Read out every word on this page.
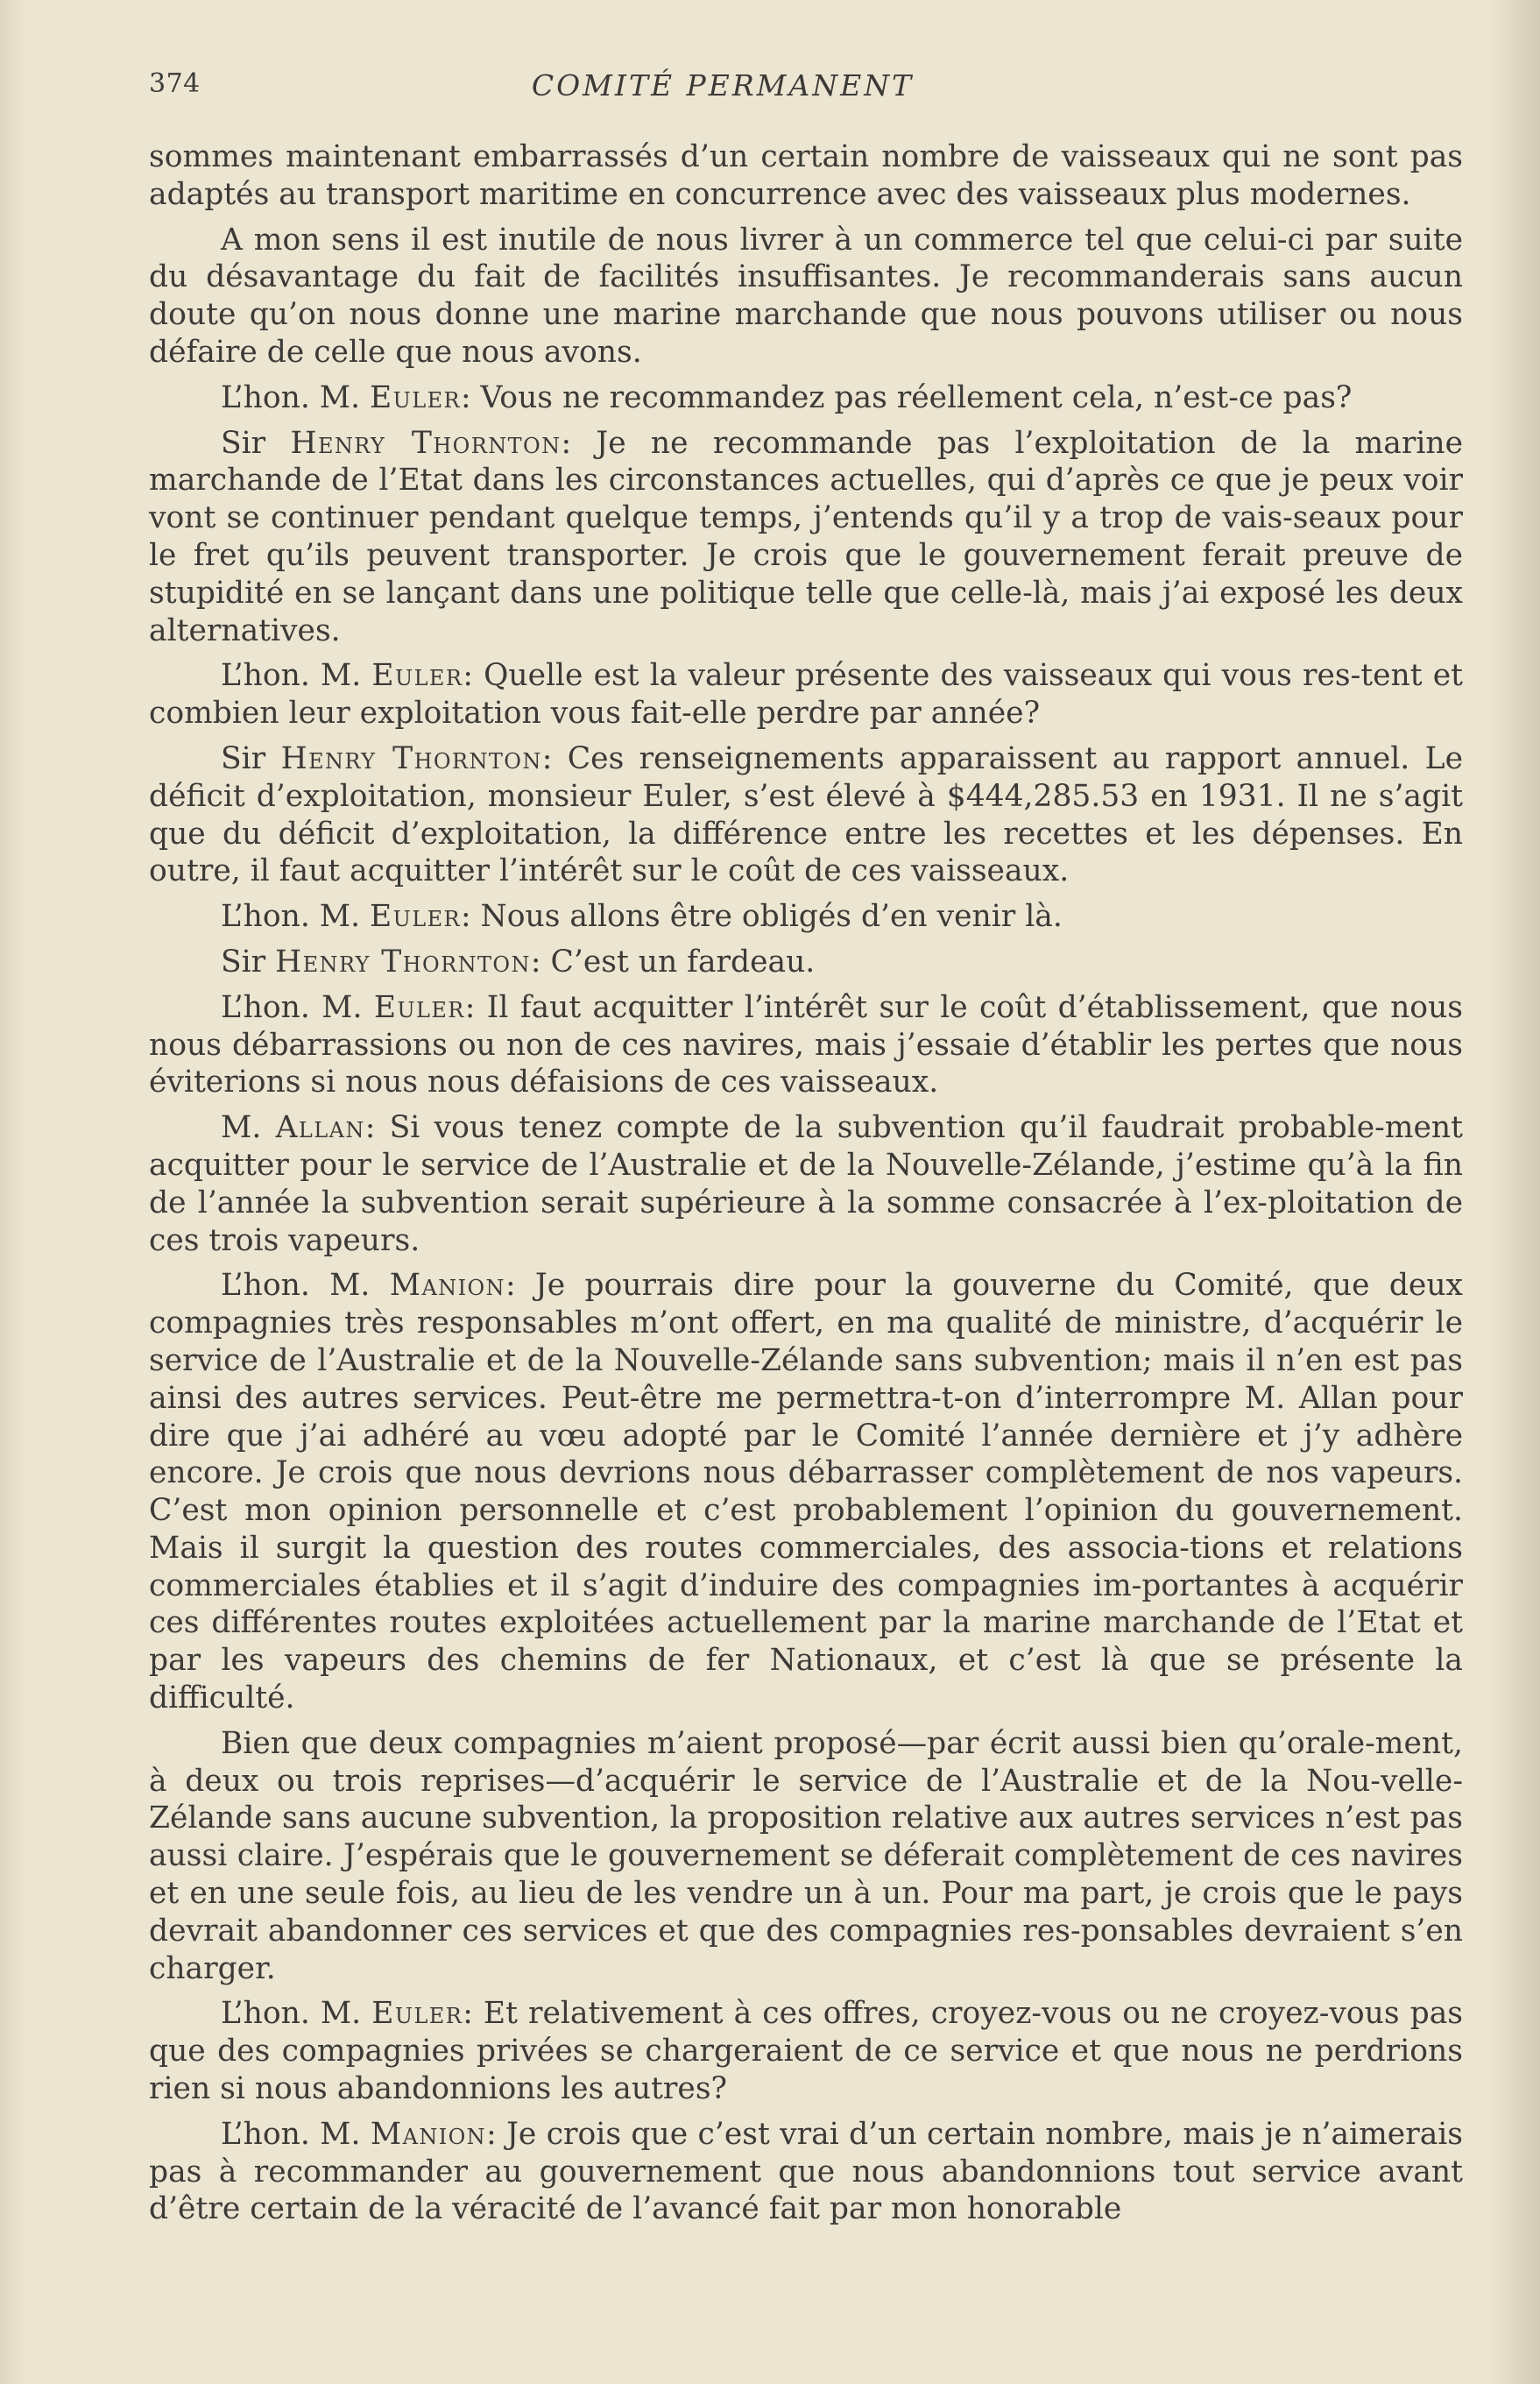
374	COMITÉ PERMANENT

sommes maintenant embarrassés d’un certain nombre de vaisseaux qui ne sont pas adaptés au transport maritime en concurrence avec des vaisseaux plus modernes.

A mon sens il est inutile de nous livrer à un commerce tel que celui-ci par suite du désavantage du fait de facilités insuffisantes. Je recommanderais sans aucun doute qu’on nous donne une marine marchande que nous pouvons utiliser ou nous défaire de celle que nous avons.

L’hon. M. Euler: Vous ne recommandez pas réellement cela, n’est-ce pas?

Sir Henry Thornton: Je ne recommande pas l’exploitation de la marine marchande de l’Etat dans les circonstances actuelles, qui d’après ce que je peux voir vont se continuer pendant quelque temps, j’entends qu’il y a trop de vais-seaux pour le fret qu’ils peuvent transporter. Je crois que le gouvernement ferait preuve de stupidité en se lançant dans une politique telle que celle-là, mais j’ai exposé les deux alternatives.

L’hon. M. Euler: Quelle est la valeur présente des vaisseaux qui vous res-tent et combien leur exploitation vous fait-elle perdre par année?

Sir Henry Thornton: Ces renseignements apparaissent au rapport annuel. Le déficit d’exploitation, monsieur Euler, s’est élevé à $444,285.53 en 1931. Il ne s’agit que du déficit d’exploitation, la différence entre les recettes et les dépenses. En outre, il faut acquitter l’intérêt sur le coût de ces vaisseaux.

L’hon. M. Euler: Nous allons être obligés d’en venir là.

Sir Henry Thornton: C’est un fardeau.

L’hon. M. Euler: Il faut acquitter l’intérêt sur le coût d’établissement, que nous nous débarrassions ou non de ces navires, mais j’essaie d’établir les pertes que nous éviterions si nous nous défaisions de ces vaisseaux.

M. Allan: Si vous tenez compte de la subvention qu’il faudrait probable-ment acquitter pour le service de l’Australie et de la Nouvelle-Zélande, j’estime qu’à la fin de l’année la subvention serait supérieure à la somme consacrée à l’ex-ploitation de ces trois vapeurs.

L’hon. M. Manion: Je pourrais dire pour la gouverne du Comité, que deux compagnies très responsables m’ont offert, en ma qualité de ministre, d’acquérir le service de l’Australie et de la Nouvelle-Zélande sans subvention; mais il n’en est pas ainsi des autres services. Peut-être me permettra-t-on d’interrompre M. Allan pour dire que j’ai adhéré au vœu adopté par le Comité l’année dernière et j’y adhère encore. Je crois que nous devrions nous débarrasser complètement de nos vapeurs. C’est mon opinion personnelle et c’est probablement l’opinion du gouvernement. Mais il surgit la question des routes commerciales, des associa-tions et relations commerciales établies et il s’agit d’induire des compagnies im-portantes à acquérir ces différentes routes exploitées actuellement par la marine marchande de l’Etat et par les vapeurs des chemins de fer Nationaux, et c’est là que se présente la difficulté.

Bien que deux compagnies m’aient proposé—par écrit aussi bien qu’orale-ment, à deux ou trois reprises—d’acquérir le service de l’Australie et de la Nou-velle-Zélande sans aucune subvention, la proposition relative aux autres services n’est pas aussi claire. J’espérais que le gouvernement se déferait complètement de ces navires et en une seule fois, au lieu de les vendre un à un. Pour ma part, je crois que le pays devrait abandonner ces services et que des compagnies res-ponsables devraient s’en charger.

L’hon. M. Euler: Et relativement à ces offres, croyez-vous ou ne croyez-vous pas que des compagnies privées se chargeraient de ce service et que nous ne perdrions rien si nous abandonnions les autres?

L’hon. M. Manion: Je crois que c’est vrai d’un certain nombre, mais je n’aimerais pas à recommander au gouvernement que nous abandonnions tout service avant d’être certain de la véracité de l’avancé fait par mon honorable
